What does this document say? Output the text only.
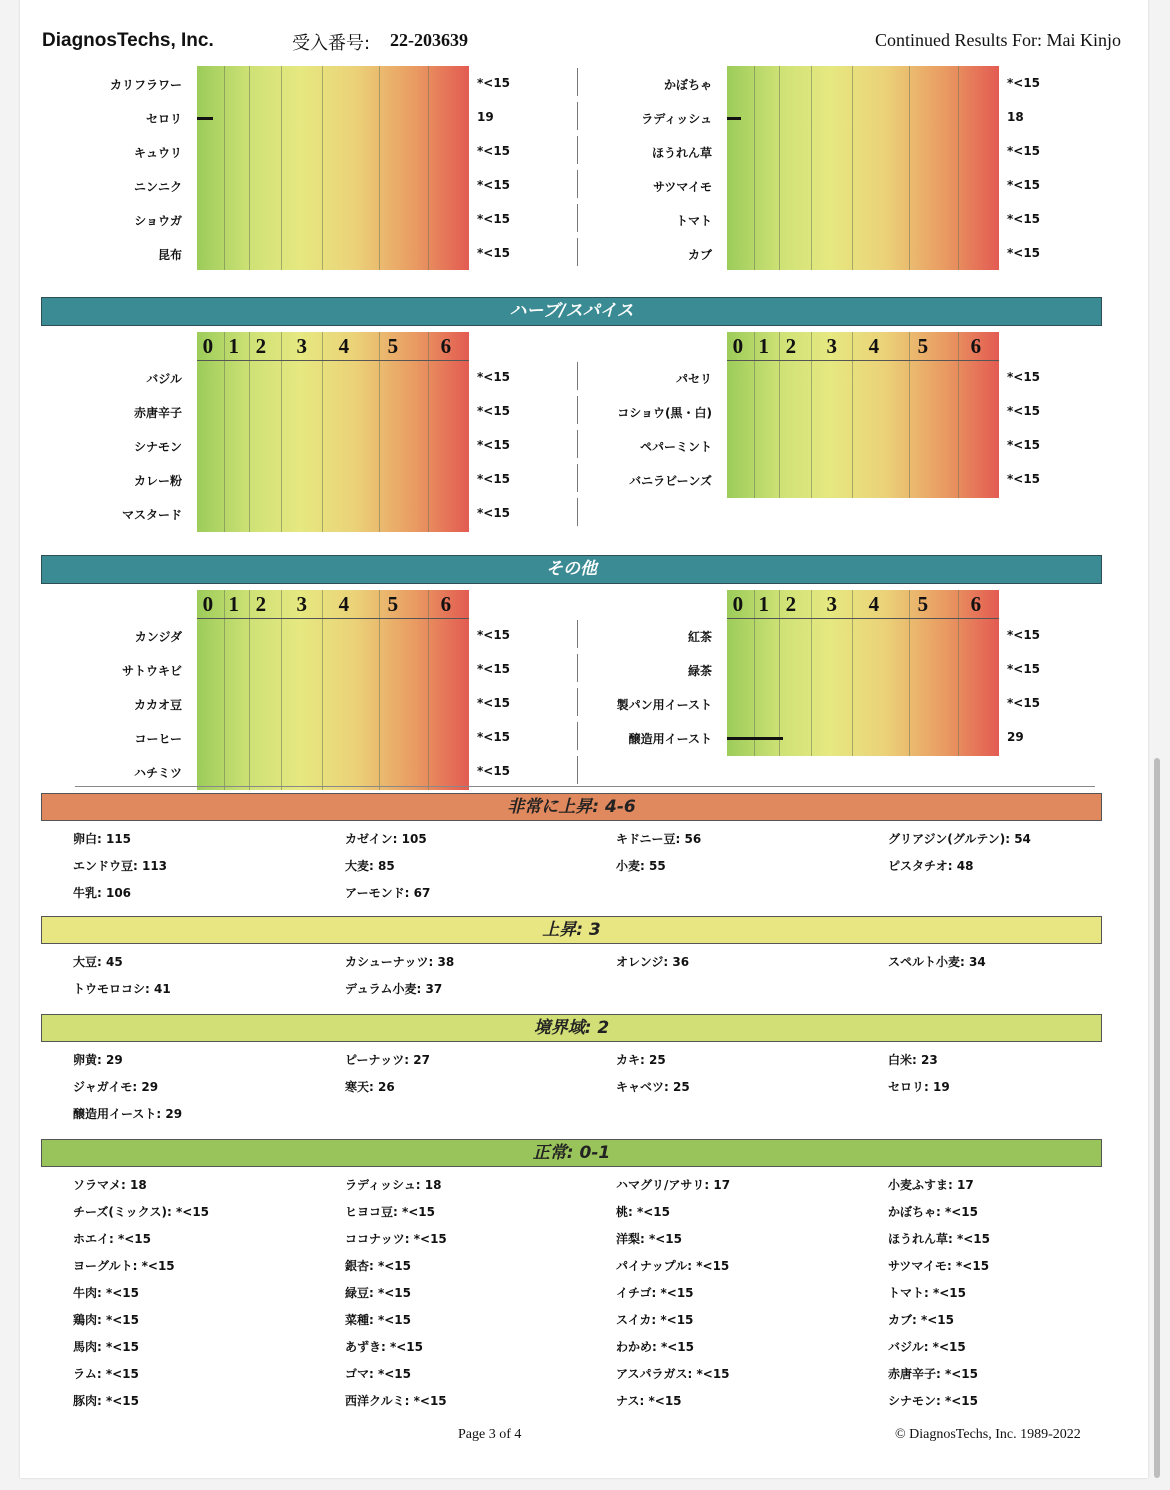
DiagnosTechs, Inc.	受入番号: 22-203639	Continued Results For: Mai Kinjo
カリフラワー	*<15
セロリ	19
キュウリ	*<15
ニンニク	*<15
ショウガ	*<15
昆布	*<15
かぼちゃ	*<15
ラディッシュ	18
ほうれん草	*<15
サツマイモ	*<15
トマト	*<15
カブ	*<15
0 1 2 3 4 5 6
バジル	*<15
赤唐辛子	*<15
シナモン	*<15
カレー粉	*<15
マスタード	*<15
0 1 2 3 4 5 6
パセリ	*<15
コショウ(黒・白)	*<15
ペパーミント	*<15
バニラビーンズ	*<15
0 1 2 3 4 5 6
カンジダ	*<15
サトウキビ	*<15
カカオ豆	*<15
コーヒー	*<15
ハチミツ	*<15
0 1 2 3 4 5 6
紅茶	*<15
緑茶	*<15
製パン用イースト	*<15
醸造用イースト	29
ハーブ/スパイス
その他
非常に上昇: 4-6
卵白: 115	カゼイン: 105	キドニー豆: 56	グリアジン(グルテン): 54
エンドウ豆: 113	大麦: 85	小麦: 55	ピスタチオ: 48
牛乳: 106	アーモンド: 67
上昇: 3
大豆: 45	カシューナッツ: 38	オレンジ: 36	スペルト小麦: 34
トウモロコシ: 41	デュラム小麦: 37
境界域: 2
卵黄: 29	ピーナッツ: 27	カキ: 25	白米: 23
ジャガイモ: 29	寒天: 26	キャベツ: 25	セロリ: 19
醸造用イースト: 29
正常: 0-1
ソラマメ: 18	ラディッシュ: 18	ハマグリ/アサリ: 17	小麦ふすま: 17
チーズ(ミックス): *<15	ヒヨコ豆: *<15	桃: *<15	かぼちゃ: *<15
ホエイ: *<15	ココナッツ: *<15	洋梨: *<15	ほうれん草: *<15
ヨーグルト: *<15	銀杏: *<15	パイナップル: *<15	サツマイモ: *<15
牛肉: *<15	緑豆: *<15	イチゴ: *<15	トマト: *<15
鶏肉: *<15	菜種: *<15	スイカ: *<15	カブ: *<15
馬肉: *<15	あずき: *<15	わかめ: *<15	バジル: *<15
ラム: *<15	ゴマ: *<15	アスパラガス: *<15	赤唐辛子: *<15
豚肉: *<15	西洋クルミ: *<15	ナス: *<15	シナモン: *<15
Page 3 of 4	© DiagnosTechs, Inc. 1989-2022
